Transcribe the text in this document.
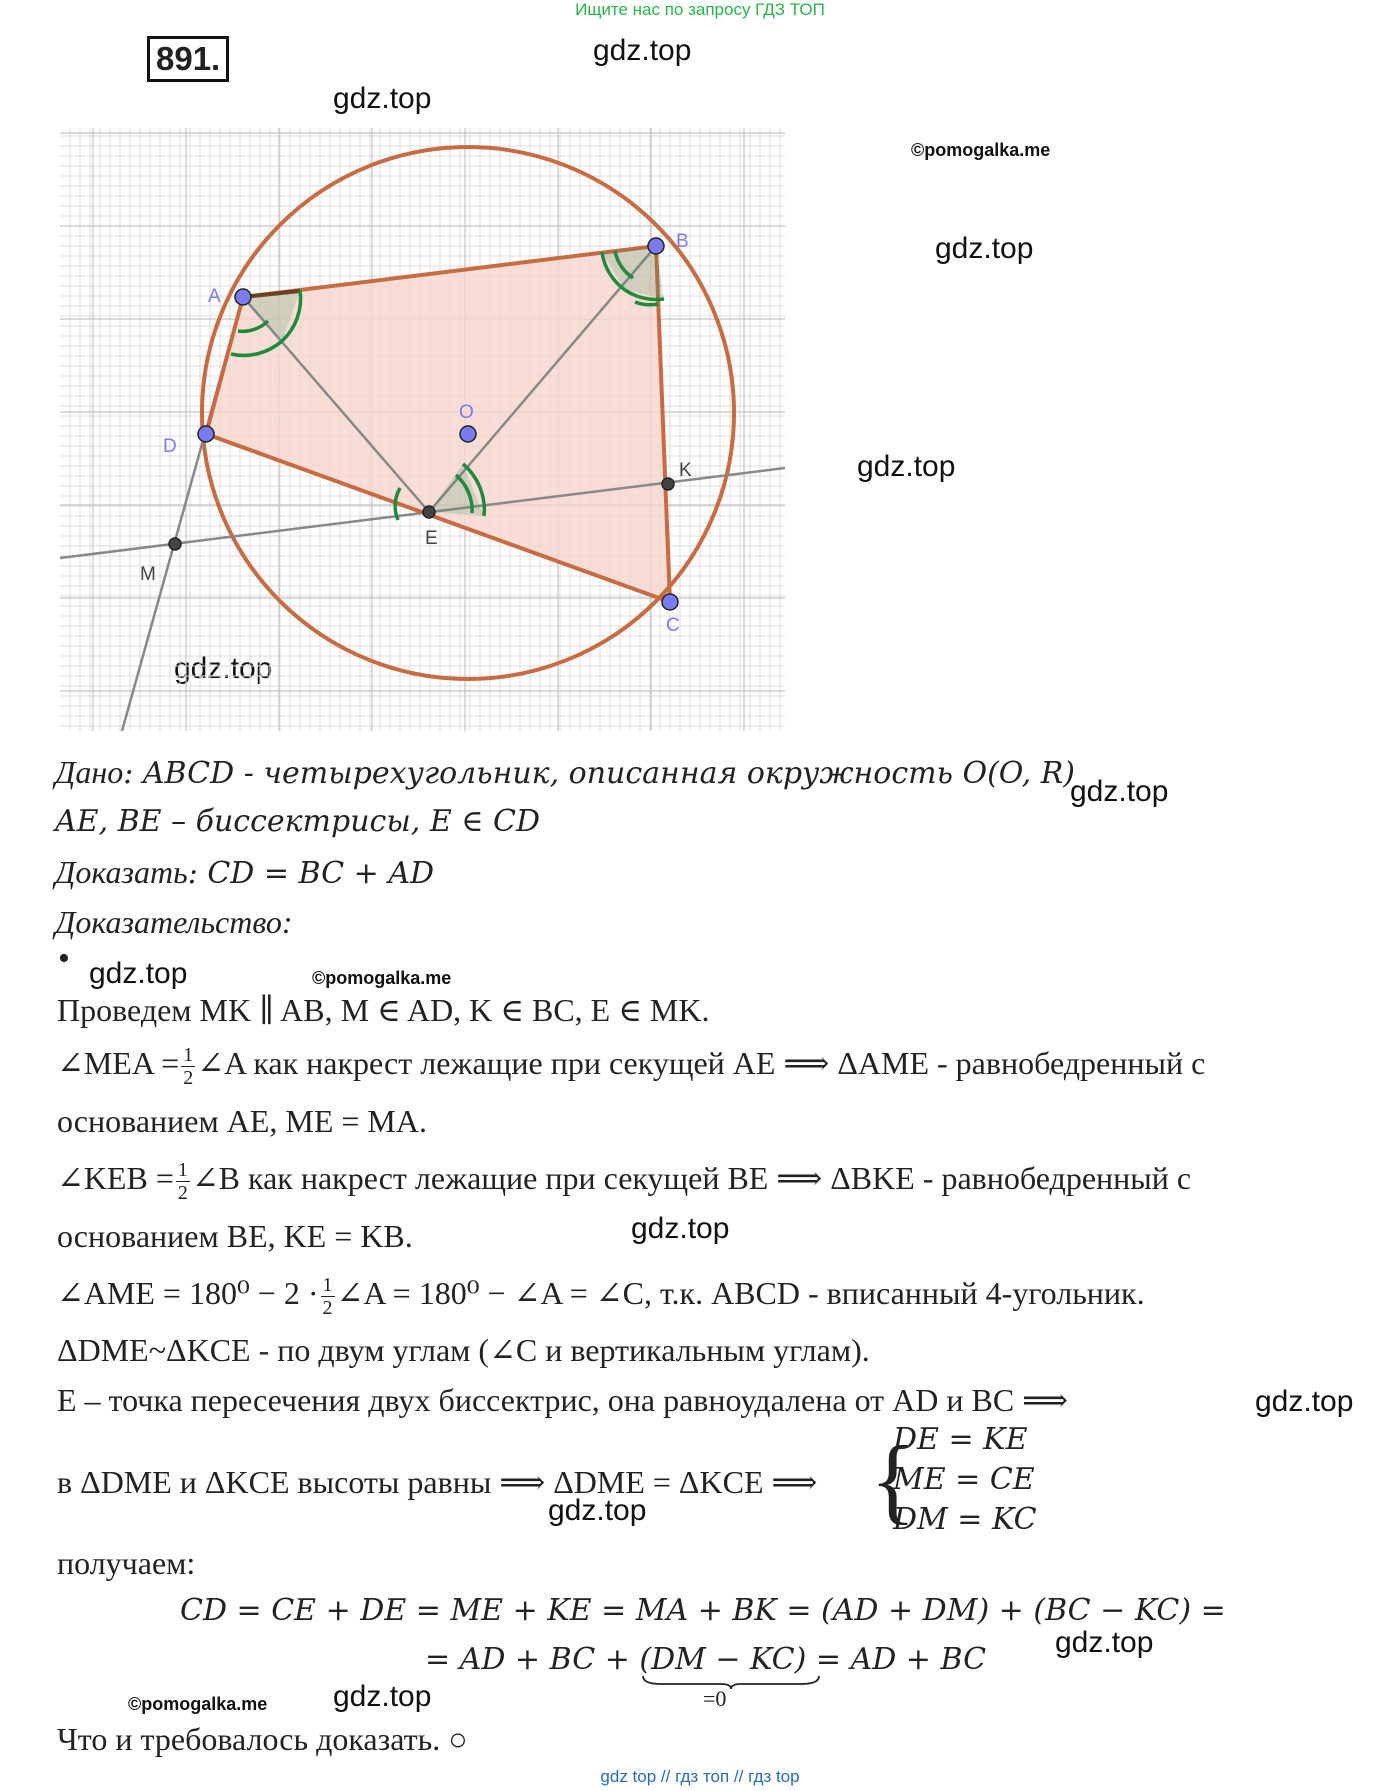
Ищите нас по запросу ГДЗ ТОП
891.	gdz.top
gdz.top
©pomogalka.me
gdz.top
gdz.top
gdz.top
gdz.top
A
B
C
D
O
E
K
M
Дано: ABCD - четырехугольник, описанная окружность O(O, R)
AE, BE – биссектрисы, E ∈ CD
Доказать: CD = BC + AD
Доказательство:
• gdz.top	©pomogalka.me
Проведем MK ∥ AB, M ∈ AD, K ∈ BC, E ∈ MK.
∠MEA = $\frac{1}{2}$ ∠A как накрест лежащие при секущей AE ⟹ ΔAME - равнобедренный с
основанием AE, ME = MA.
∠KEB = $\frac{1}{2}$ ∠B как накрест лежащие при секущей BE ⟹ ΔBKE - равнобедренный с
основанием BE, KE = KB.	gdz.top
∠AME = $180^0 - 2 \cdot \frac{1}{2}$ ∠A = 180⁰ − ∠A = ∠C, т.к. ABCD - вписанный 4-угольник.
ΔDME~ΔKCE - по двум углам (∠C и вертикальным углам).
E – точка пересечения двух биссектрис, она равноудалена от AD и BC ⟹	gdz.top
в ΔDME и ΔKCE высоты равны ⟹ ΔDME = ΔKCE ⟹ {
DE = KE
ME = CE
DM = KC
gdz.top
получаем:
CD = CE + DE = ME + KE = MA + BK = (AD + DM) + (BC − KC) =
= AD + BC + (DM − KC)
= AD + BC
=0
gdz.top
©pomogalka.me gdz.top
Что и требовалось доказать. ○
gdz top // гдз топ // гдз top
